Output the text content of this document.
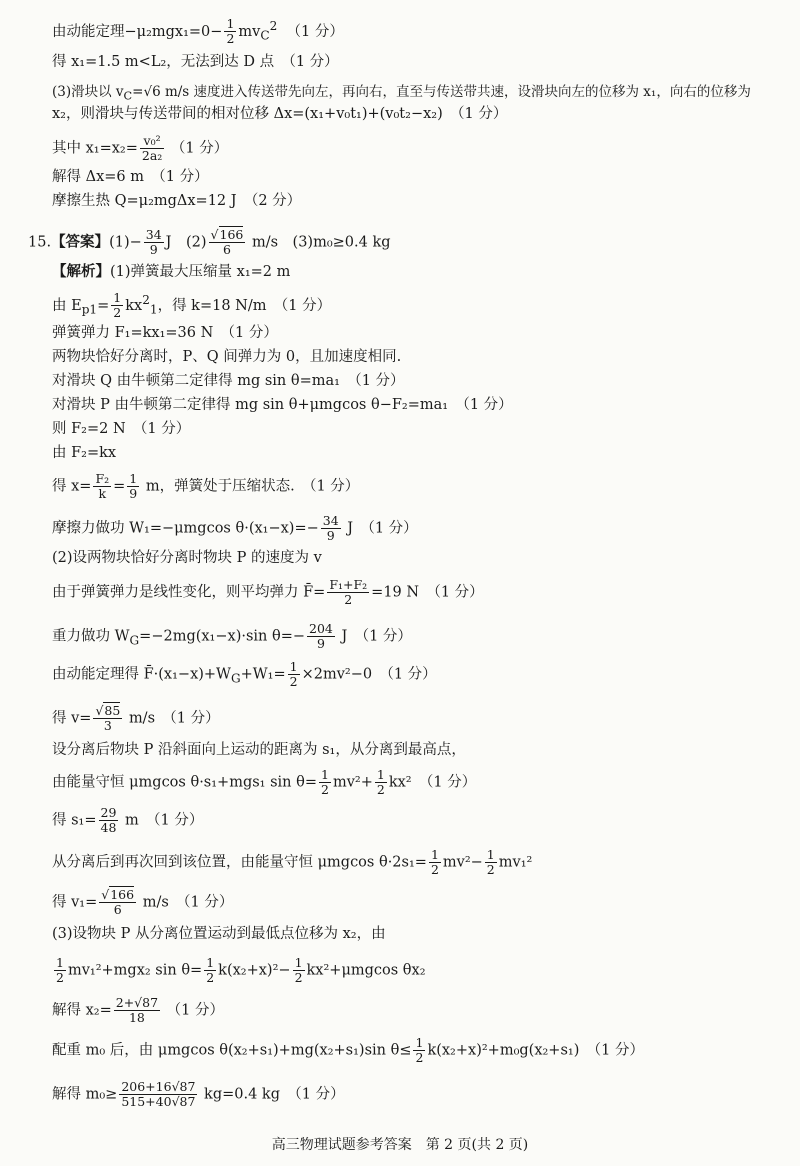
由动能定理$-\mu_2mgx_1=0- \frac{1}{2} mv_C^2$ （1 分）
得 x₁=1.5 m<L₂，无法到达 D 点　（1 分）
(3)滑块以 $v_C=√6$ m/s 速度进入传送带先向左，再向右，直至与传送带共速，设滑块向左的位移为 x₁，向右的位移为
x₂，则滑块与传送带间的相对位移 Δx=(x₁+v₀t₁)+(v₀t₂−x₂)　（1 分）
其中 $x_1=x_2= \frac{\text{v₀²}}{\text{2a₂}} (1$ 分）
解得 Δx=6 m　（1 分）
摩擦生热 Q=μ₂mgΔx=12 J　（2 分）
15.【答案】$(1)- \frac{34}{9}$ J　$(2) \frac{√166}{6} m/s$　(3)m₀≥0.4 kg
【解析】(1)弹簧最大压缩量 x₁=2 m
由 $E_{p1}= \frac{1}{2} kx^2_1$，得 k=18 N/m　（1 分）
弹簧弹力 F₁=kx₁=36 N　（1 分）
两物块恰好分离时，P、Q 间弹力为 0，且加速度相同.
对滑块 Q 由牛顿第二定律得 mg sin θ=ma₁　（1 分）
对滑块 P 由牛顿第二定律得 mg sin θ+μmgcos θ−F₂=ma₁　（1 分）
则 F₂=2 N　（1 分）
由 F₂=kx
得 $x= \frac{\text{F₂}}{k} = \frac{1}{9}$ m，弹簧处于压缩状态.　（1 分）
摩擦力做功 W₁=−μmgcos $\theta\cdot(x_1-x)=- \frac{34}{9}$ J　（1 分）
(2)设两物块恰好分离时物块 P 的速度为 v
由于弹簧弹力是线性变化，则平均弹力 F̄= $\frac{\text{F₁+F₂}}{2} =19$ N　（1 分）
重力做功 $W_G=-2mg(x_1-x)\cdot\sin$ $\theta=- \frac{204}{9}$ J　（1 分）
由动能定理得 $F̄\cdot(x_1-x)+W_G+W_1= \frac{1}{2} \times 2mv^2-0$　（1 分）
得 $v= \frac{√85}{3} m/s$　（1 分）
设分离后物块 P 沿斜面向上运动的距离为 s₁，从分离到最高点，
由能量守恒 μmgcos θ·s₁+mgs₁ $\sin \theta= \frac{1}{2} mv^2+ \frac{1}{2} kx^2$　（1 分）
得 $s_1= \frac{29}{48}$ m　（1 分）
从分离后到再次回到该位置，由能量守恒 μmgcos $\theta\cdot 2s_1= \frac{1}{2} mv^2- \frac{1}{2} mv_1^2$
得 $v_1= \frac{√166}{6} m/s$　（1 分）
(3)设物块 P 从分离位置运动到最低点位移为 x₂，由
$\frac{1}{2} mv_1^2+mgx_2$ $\sin \theta= \frac{1}{2} k(x_2+x)^2- \frac{1}{2} kx^2+\mu mgcos$ θx₂
解得 $x_2= \frac{2+√87}{18} (1$ 分）
配重 m₀ 后，由 μmgcos θ(x₂+s₁)+mg(x₂+s₁)sin $\theta\le \frac{1}{2} k(x_2+x)^2+m_0g(x_2+s_1)$　（1 分）
解得 $m_0\ge \frac{206+16√87}{515+40√87} kg=0.4$ kg　（1 分）
高三物理试题参考答案　第 2 页(共 2 页)
